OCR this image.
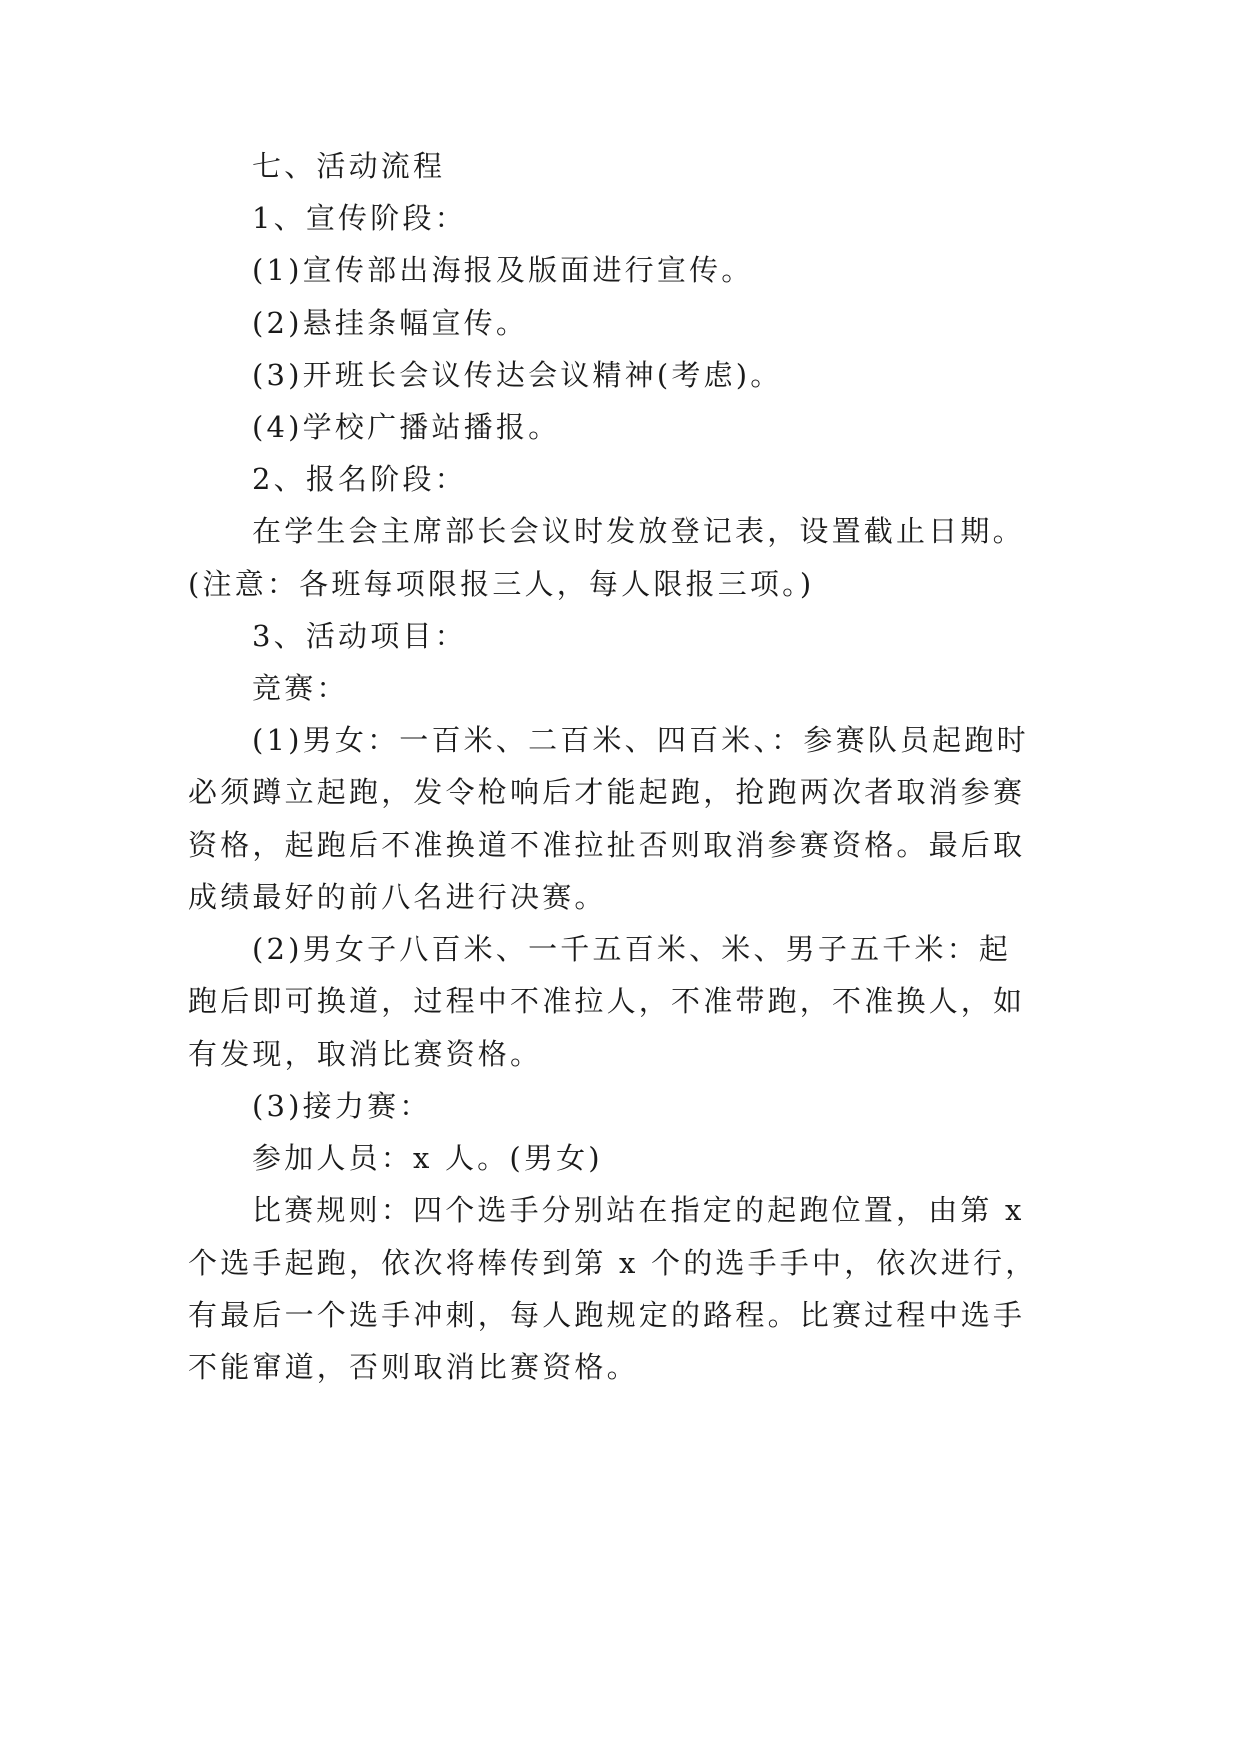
七、活动流程
1、宣传阶段：
(1)宣传部出海报及版面进行宣传。
(2)悬挂条幅宣传。
(3)开班长会议传达会议精神(考虑)。
(4)学校广播站播报。
2、报名阶段：
在学生会主席部长会议时发放登记表，设置截止日期。
(注意：各班每项限报三人，每人限报三项。)
3、活动项目：
竞赛：
(1)男女：一百米、二百米、四百米、：参赛队员起跑时
必须蹲立起跑，发令枪响后才能起跑，抢跑两次者取消参赛
资格，起跑后不准换道不准拉扯否则取消参赛资格。最后取
成绩最好的前八名进行决赛。
(2)男女子八百米、一千五百米、米、男子五千米：起
跑后即可换道，过程中不准拉人，不准带跑，不准换人，如
有发现，取消比赛资格。
(3)接力赛：
参加人员：x 人。(男女)
比赛规则：四个选手分别站在指定的起跑位置，由第 x
个选手起跑，依次将棒传到第 x 个的选手手中，依次进行，
有最后一个选手冲刺，每人跑规定的路程。比赛过程中选手
不能窜道，否则取消比赛资格。
